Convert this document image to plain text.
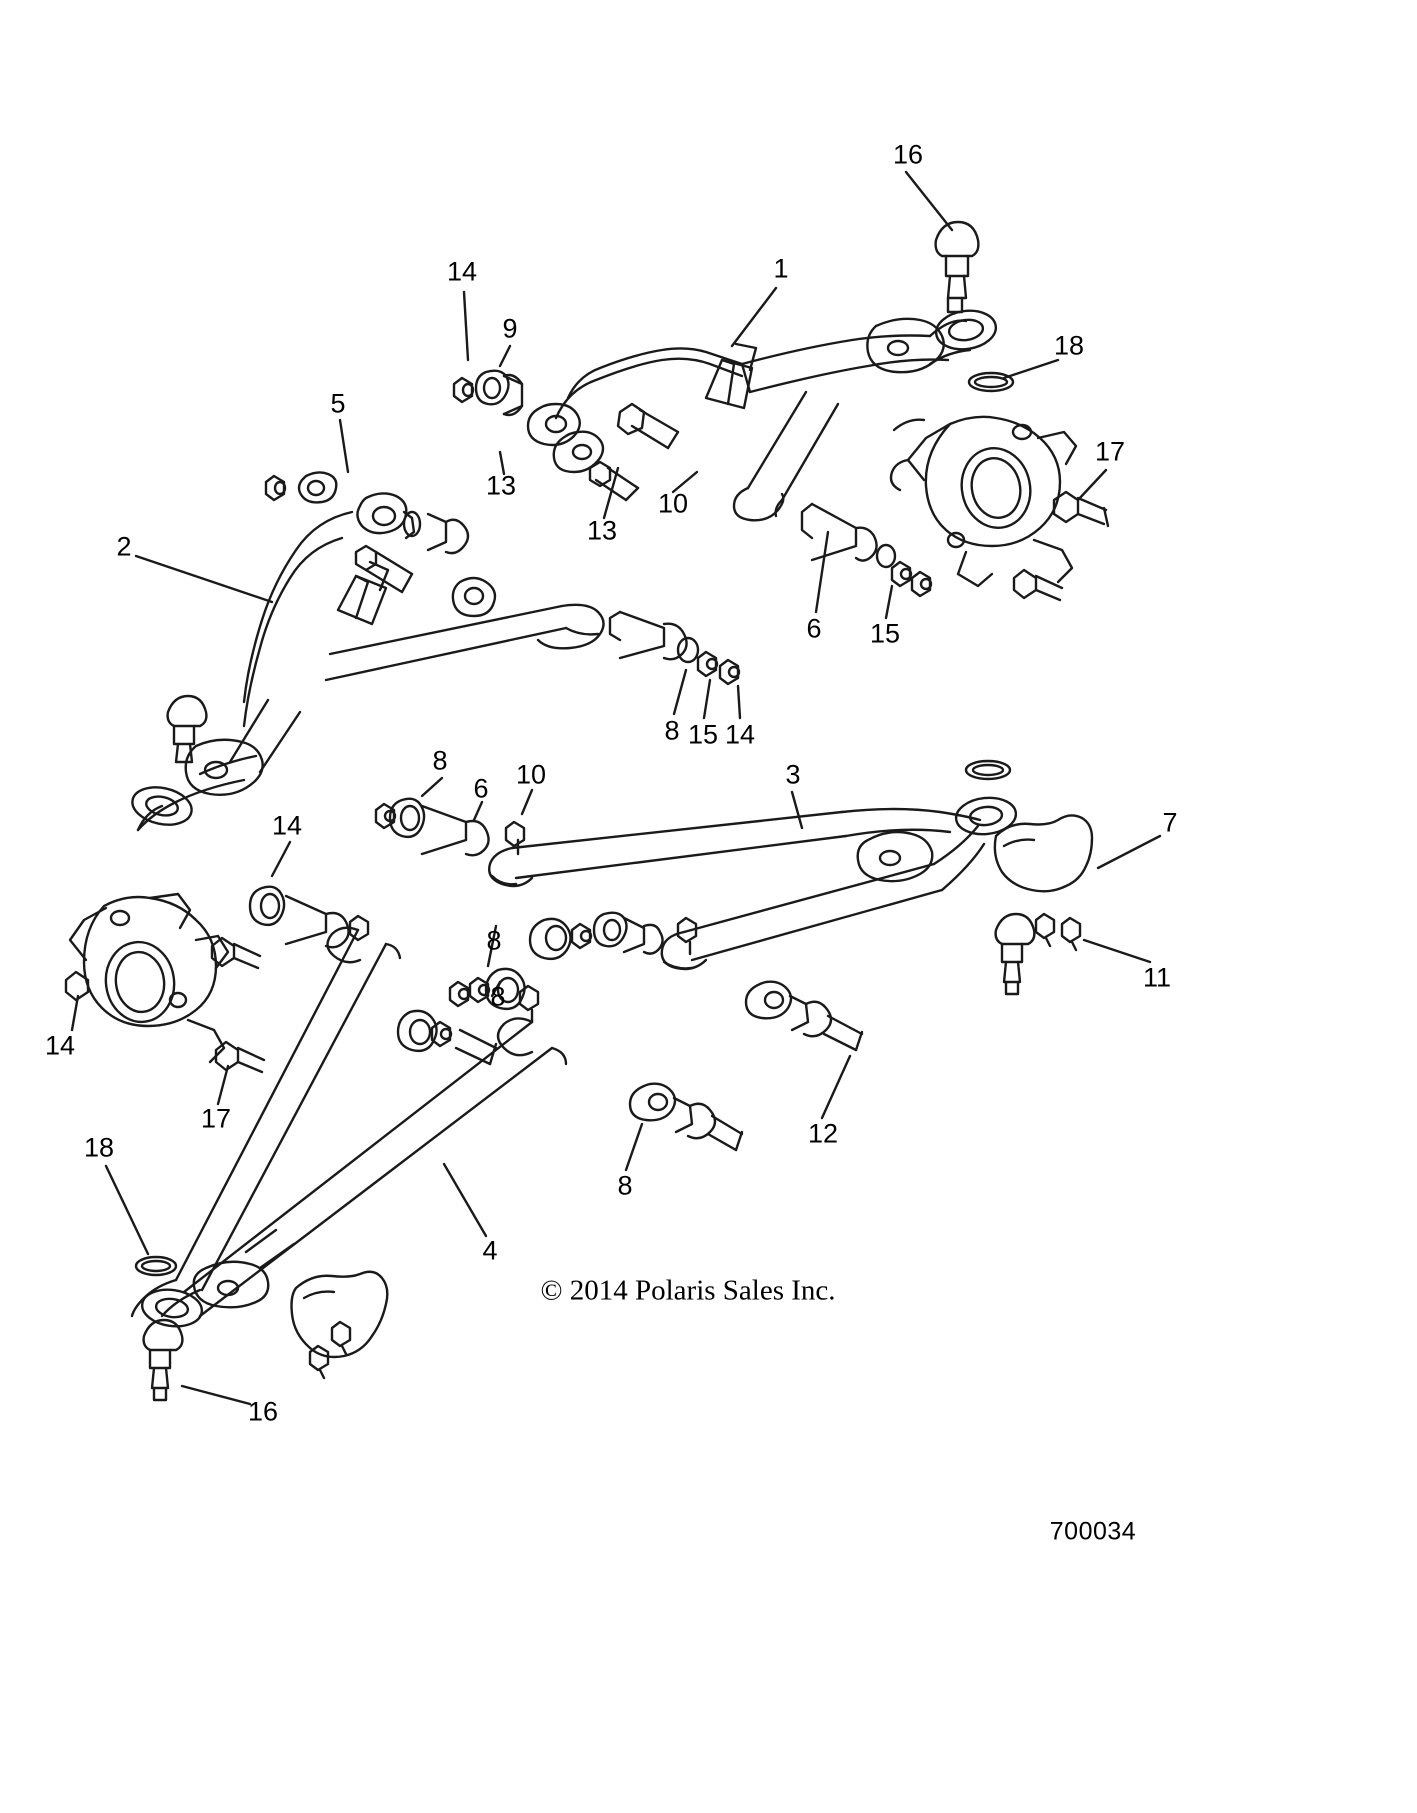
16
14	1
9
18
5
17
13
10
13
2
6 15
8 15 14
8
6 10	3
7
14
8
11
8
14
17	12
8
18
4
16
© 2014 Polaris Sales Inc.
700034
